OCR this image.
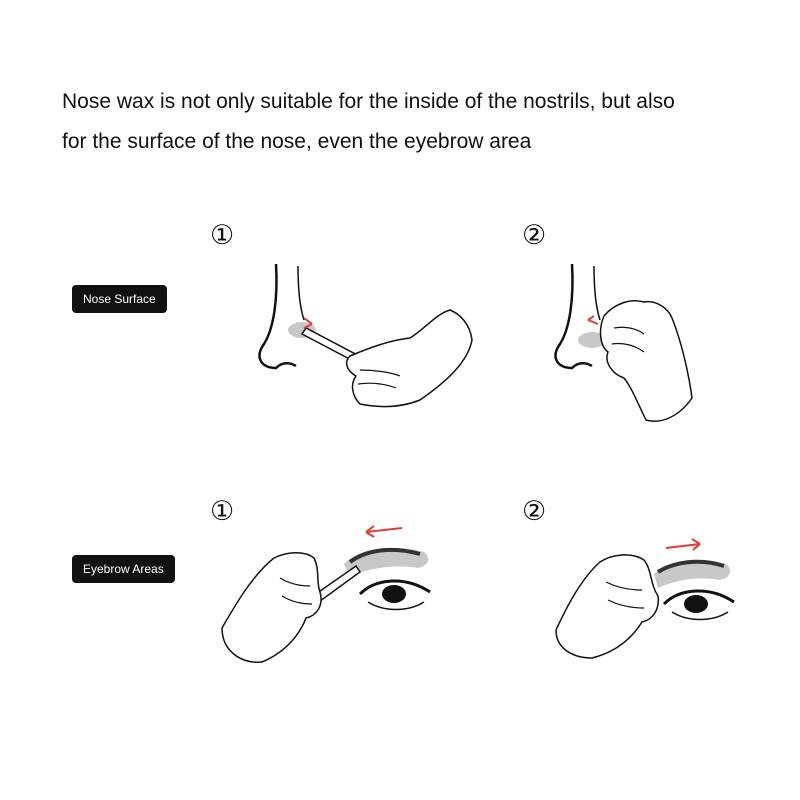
Nose wax is not only suitable for the inside of the nostrils, but also
for the surface of the nose, even the eyebrow area
Nose Surface
①	②
Eyebrow Areas
①	②
